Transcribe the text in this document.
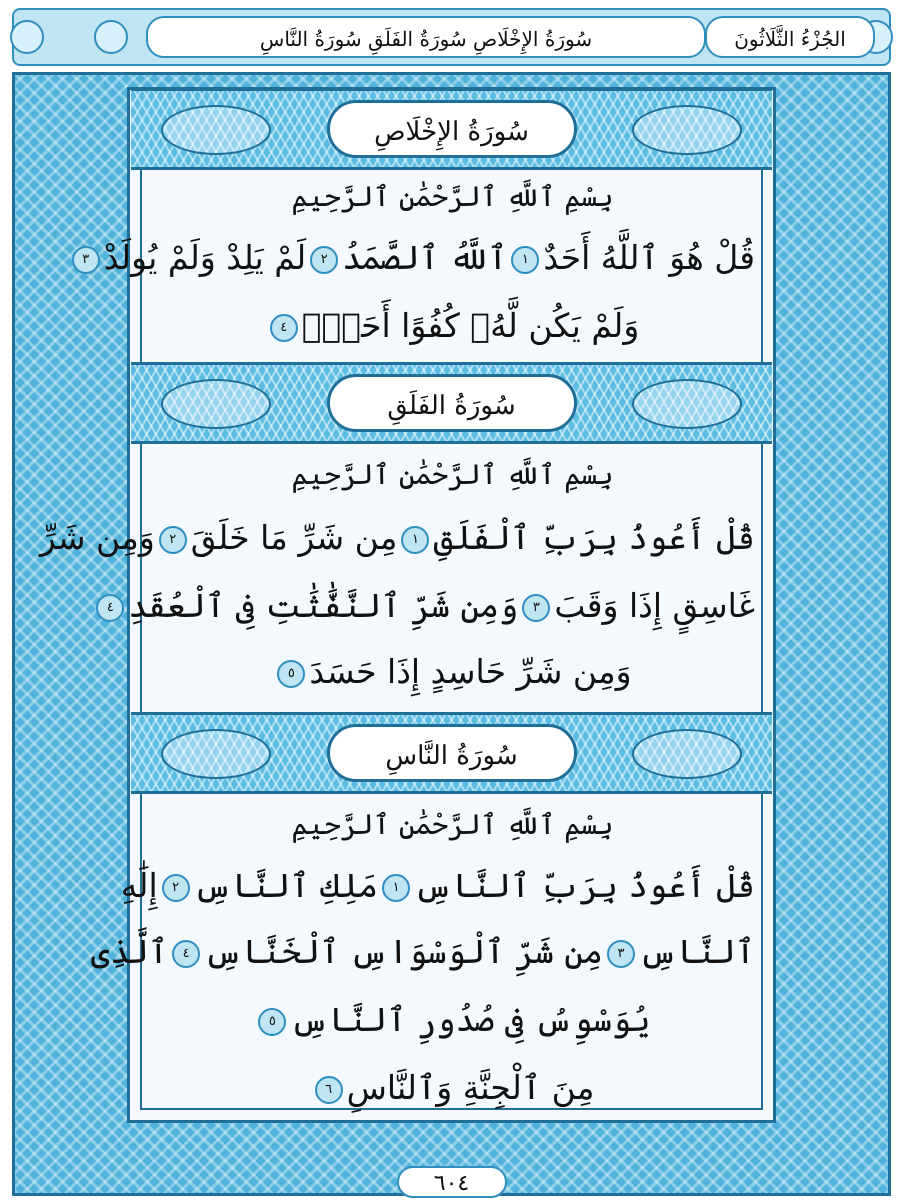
الجُزْءُ الثَّلَاثُونَ
سُورَةُ الإِخْلَاصِ سُورَةُ الفَلَقِ سُورَةُ النَّاسِ
سُورَةُ الإِخْلَاصِ
بِسْمِ ٱللَّهِ ٱلرَّحْمَٰنِ ٱلرَّحِيمِ
قُلْ هُوَ ٱللَّهُ أَحَدٌ١ٱللَّهُ ٱلصَّمَدُ٢لَمْ يَلِدْ وَلَمْ يُولَدْ٣
وَلَمْ يَكُن لَّهُۥ كُفُوًا أَحَدٌۢ٤
سُورَةُ الفَلَقِ
بِسْمِ ٱللَّهِ ٱلرَّحْمَٰنِ ٱلرَّحِيمِ
قُلْ أَعُوذُ بِرَبِّ ٱلْفَلَقِ١مِن شَرِّ مَا خَلَقَ٢وَمِن شَرِّ
غَاسِقٍ إِذَا وَقَبَ٣وَمِن شَرِّ ٱلنَّفَّٰثَٰتِ فِى ٱلْعُقَدِ٤
وَمِن شَرِّ حَاسِدٍ إِذَا حَسَدَ٥
سُورَةُ النَّاسِ
بِسْمِ ٱللَّهِ ٱلرَّحْمَٰنِ ٱلرَّحِيمِ
قُلْ أَعُوذُ بِرَبِّ ٱلنَّاسِ١مَلِكِ ٱلنَّاسِ٢إِلَٰهِ
ٱلنَّاسِ٣مِن شَرِّ ٱلْوَسْوَاسِ ٱلْخَنَّاسِ٤ٱلَّذِى
يُوَسْوِسُ فِى صُدُورِ ٱلنَّاسِ٥
مِنَ ٱلْجِنَّةِ وَٱلنَّاسِ٦
٦٠٤
